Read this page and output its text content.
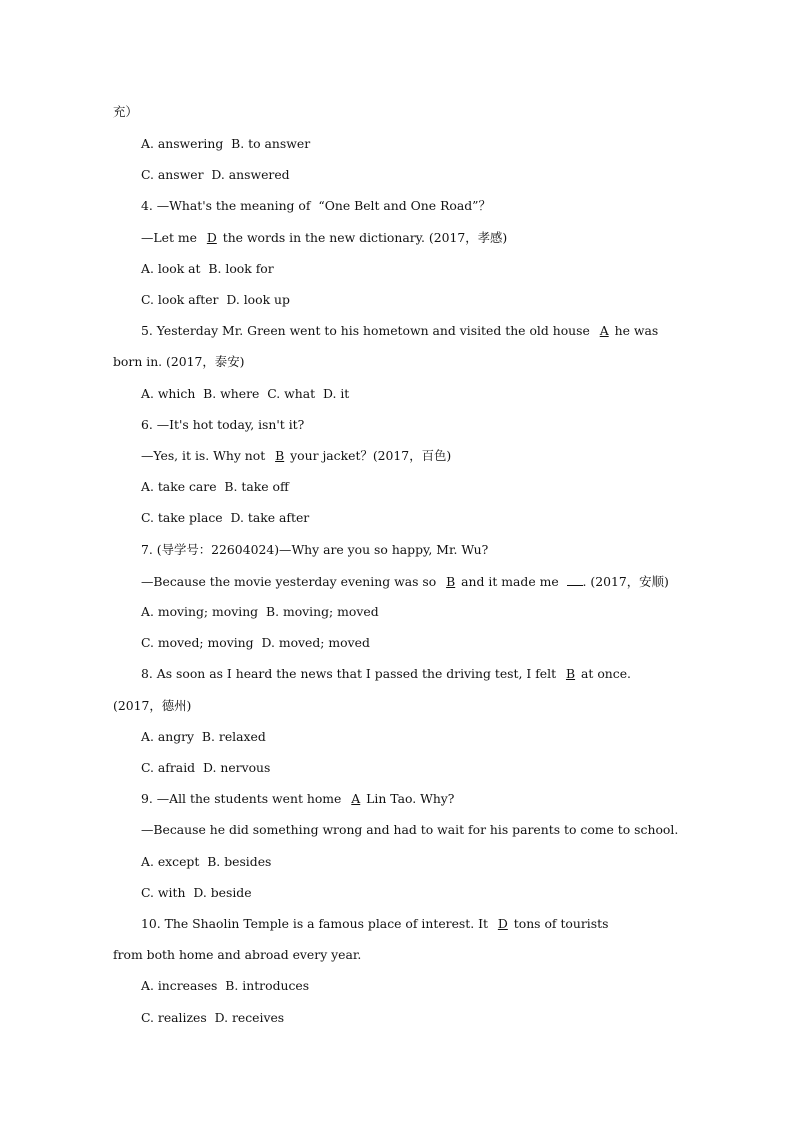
充）
A. answering  B. to answer
C. answer  D. answered
4. —What's the meaning of  “One Belt and One Road”？
—Let me  D the words in the new dictionary. (2017，孝感)
A. look at  B. look for
C. look after  D. look up
5. Yesterday Mr. Green went to his hometown and visited the old house  A he was
born in. (2017，泰安)
A. which  B. where  C. what  D. it
6. —It's hot today, isn't it?
—Yes, it is. Why not  B your jacket？(2017，百色)
A. take care  B. take off
C. take place  D. take after
7. (导学号：22604024)—Why are you so happy, Mr. Wu?
—Because the movie yesterday evening was so  B and it made me  . (2017，安顺)
A. moving; moving  B. moving; moved
C. moved; moving  D. moved; moved
8. As soon as I heard the news that I passed the driving test, I felt  B at once.
(2017，德州)
A. angry  B. relaxed
C. afraid  D. nervous
9. —All the students went home  A Lin Tao. Why?
—Because he did something wrong and had to wait for his parents to come to school.
A. except  B. besides
C. with  D. beside
10. The Shaolin Temple is a famous place of interest. It  D tons of tourists
from both home and abroad every year.
A. increases  B. introduces
C. realizes  D. receives
